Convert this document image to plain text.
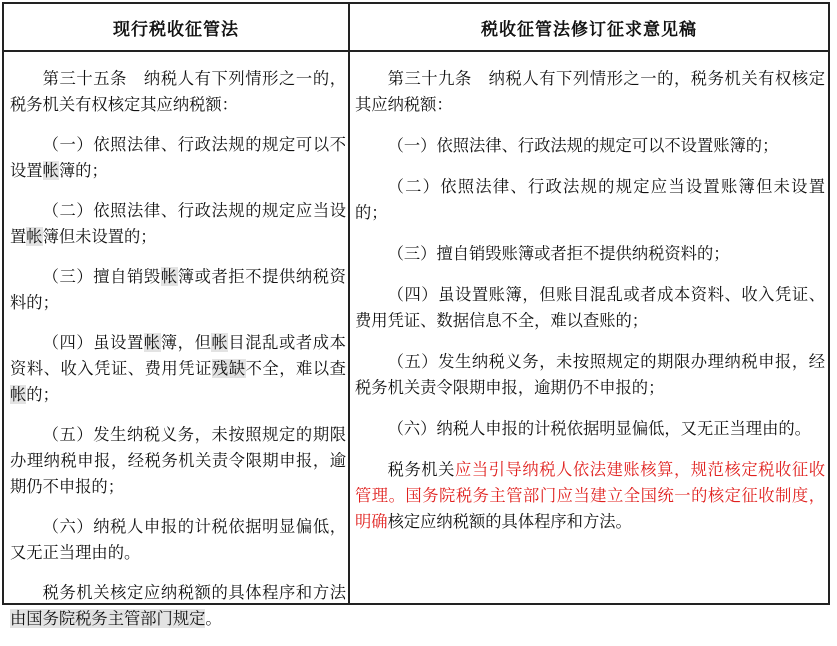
现行税收征管法	税收征管法修订征求意见稿

第三十五条　纳税人有下列情形之一的，税务机关有权核定其应纳税额：

（一）依照法律、行政法规的规定可以不设置帐簿的；

（二）依照法律、行政法规的规定应当设置帐簿但未设置的；

（三）擅自销毁帐簿或者拒不提供纳税资料的；

（四）虽设置帐簿，但帐目混乱或者成本资料、收入凭证、费用凭证残缺不全，难以查帐的；

（五）发生纳税义务，未按照规定的期限办理纳税申报，经税务机关责令限期申报，逾期仍不申报的；

（六）纳税人申报的计税依据明显偏低，又无正当理由的。

税务机关核定应纳税额的具体程序和方法由国务院税务主管部门规定。

第三十九条　纳税人有下列情形之一的，税务机关有权核定其应纳税额：

（一）依照法律、行政法规的规定可以不设置账簿的；

（二）依照法律、行政法规的规定应当设置账簿但未设置的；

（三）擅自销毁账簿或者拒不提供纳税资料的；

（四）虽设置账簿，但账目混乱或者成本资料、收入凭证、费用凭证、数据信息不全，难以查账的；

（五）发生纳税义务，未按照规定的期限办理纳税申报，经税务机关责令限期申报，逾期仍不申报的；

（六）纳税人申报的计税依据明显偏低，又无正当理由的。

税务机关应当引导纳税人依法建账核算，规范核定税收征收管理。国务院税务主管部门应当建立全国统一的核定征收制度，明确核定应纳税额的具体程序和方法。
